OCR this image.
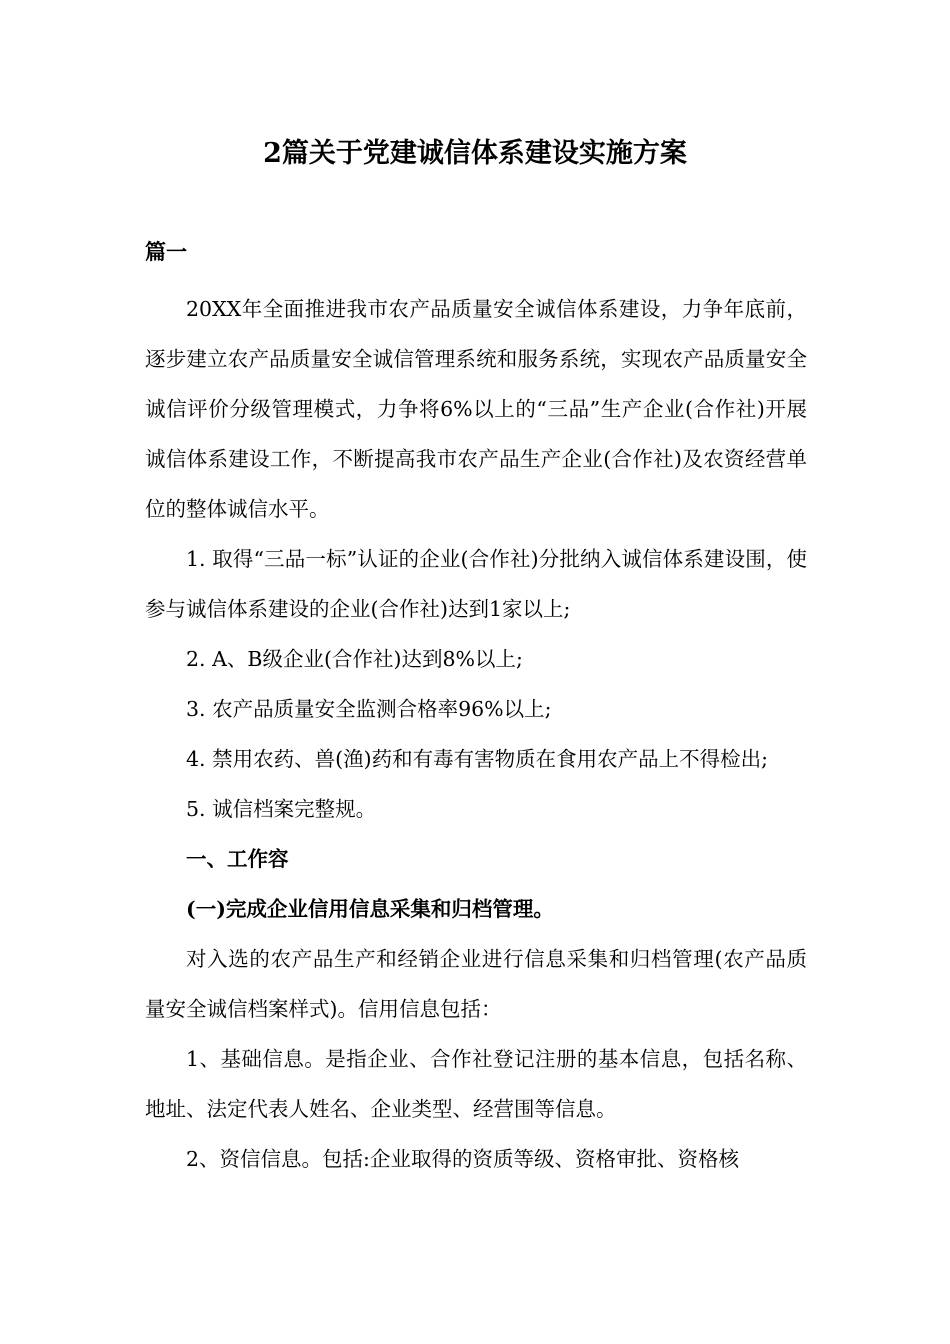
2篇关于党建诚信体系建设实施方案
篇一

20XX年全面推进我市农产品质量安全诚信体系建设，力争年底前，逐步建立农产品质量安全诚信管理系统和服务系统，实现农产品质量安全诚信评价分级管理模式，力争将6%以上的“三品”生产企业(合作社)开展诚信体系建设工作，不断提高我市农产品生产企业(合作社)及农资经营单位的整体诚信水平。

1. 取得“三品一标”认证的企业(合作社)分批纳入诚信体系建设围，使参与诚信体系建设的企业(合作社)达到1家以上;

2. A、B级企业(合作社)达到8%以上;

3. 农产品质量安全监测合格率96%以上;

4. 禁用农药、兽(渔)药和有毒有害物质在食用农产品上不得检出;

5. 诚信档案完整规。

一、工作容

(一)完成企业信用信息采集和归档管理。

对入选的农产品生产和经销企业进行信息采集和归档管理(农产品质量安全诚信档案样式)。信用信息包括：

1、基础信息。是指企业、合作社登记注册的基本信息，包括名称、地址、法定代表人姓名、企业类型、经营围等信息。

2、资信信息。包括:企业取得的资质等级、资格审批、资格核
